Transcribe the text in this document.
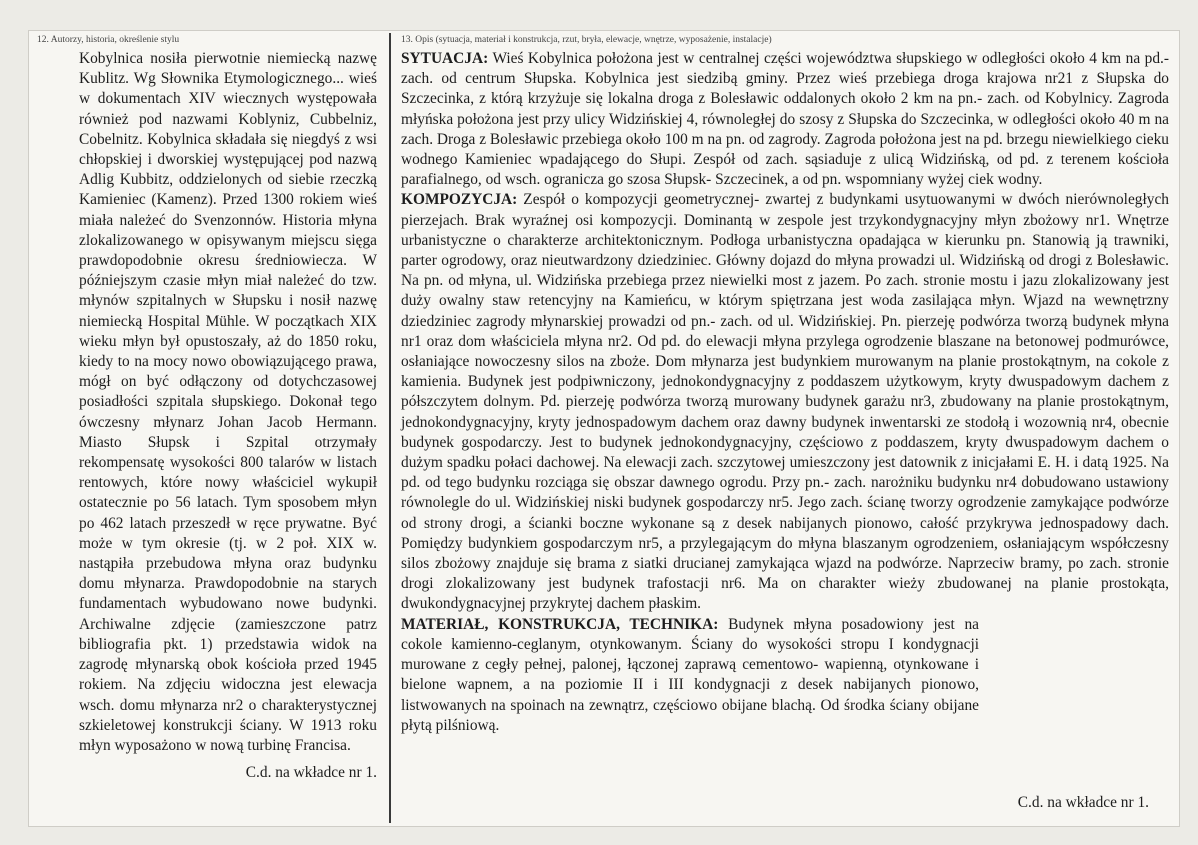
12. Autorzy, historia, określenie stylu

Kobylnica nosiła pierwotnie niemiecką nazwę Kublitz. Wg Słownika Etymologicznego... wieś w dokumentach XIV wiecznych występowała również pod nazwami Koblyniz, Cubbelniz, Cobelnitz. Kobylnica składała się niegdyś z wsi chłopskiej i dworskiej występującej pod nazwą Adlig Kubbitz, oddzielonych od siebie rzeczką Kamieniec (Kamenz). Przed 1300 rokiem wieś miała należeć do Svenzonnów. Historia młyna zlokalizowanego w opisywanym miejscu sięga prawdopodobnie okresu średniowiecza. W późniejszym czasie młyn miał należeć do tzw. młynów szpitalnych w Słupsku i nosił nazwę niemiecką Hospital Mühle. W początkach XIX wieku młyn był opustoszały, aż do 1850 roku, kiedy to na mocy nowo obowiązującego prawa, mógł on być odłączony od dotychczasowej posiadłości szpitala słupskiego. Dokonał tego ówczesny młynarz Johan Jacob Hermann. Miasto Słupsk i Szpital otrzymały rekompensatę wysokości 800 talarów w listach rentowych, które nowy właściciel wykupił ostatecznie po 56 latach. Tym sposobem młyn po 462 latach przeszedł w ręce prywatne. Być może w tym okresie (tj. w 2 poł. XIX w. nastąpiła przebudowa młyna oraz budynku domu młynarza. Prawdopodobnie na starych fundamentach wybudowano nowe budynki. Archiwalne zdjęcie (zamieszczone patrz bibliografia pkt. 1) przedstawia widok na zagrodę młynarską obok kościoła przed 1945 rokiem. Na zdjęciu widoczna jest elewacja wsch. domu młynarza nr2 o charakterystycznej szkieletowej konstrukcji ściany. W 1913 roku młyn wyposażono w nową turbinę Francisa.

C.d. na wkładce nr 1.
13. Opis (sytuacja, materiał i konstrukcja, rzut, bryła, elewacje, wnętrze, wyposażenie, instalacje)

SYTUACJA: Wieś Kobylnica położona jest w centralnej części województwa słupskiego w odległości około 4 km na pd.- zach. od centrum Słupska. Kobylnica jest siedzibą gminy. Przez wieś przebiega droga krajowa nr21 z Słupska do Szczecinka, z którą krzyżuje się lokalna droga z Bolesławic oddalonych około 2 km na pn.- zach. od Kobylnicy. Zagroda młyńska położona jest przy ulicy Widzińskiej 4, równoległej do szosy z Słupska do Szczecinka, w odległości około 40 m na zach. Droga z Bolesławic przebiega około 100 m na pn. od zagrody. Zagroda położona jest na pd. brzegu niewielkiego cieku wodnego Kamieniec wpadającego do Słupi. Zespół od zach. sąsiaduje z ulicą Widzińską, od pd. z terenem kościoła parafialnego, od wsch. ogranicza go szosa Słupsk- Szczecinek, a od pn. wspomniany wyżej ciek wodny.

KOMPOZYCJA: Zespół o kompozycji geometrycznej- zwartej z budynkami usytuowanymi w dwóch nierównoległych pierzejach. Brak wyraźnej osi kompozycji. Dominantą w zespole jest trzykondygnacyjny młyn zbożowy nr1. Wnętrze urbanistyczne o charakterze architektonicznym. Podłoga urbanistyczna opadająca w kierunku pn. Stanowią ją trawniki, parter ogrodowy, oraz nieutwardzony dziedziniec. Główny dojazd do młyna prowadzi ul. Widzińską od drogi z Bolesławic. Na pn. od młyna, ul. Widzińska przebiega przez niewielki most z jazem. Po zach. stronie mostu i jazu zlokalizowany jest duży owalny staw retencyjny na Kamieńcu, w którym spiętrzana jest woda zasilająca młyn. Wjazd na wewnętrzny dziedziniec zagrody młynarskiej prowadzi od pn.- zach. od ul. Widzińskiej. Pn. pierzeję podwórza tworzą budynek młyna nr1 oraz dom właściciela młyna nr2. Od pd. do elewacji młyna przylega ogrodzenie blaszane na betonowej podmurówce, osłaniające nowoczesny silos na zboże. Dom młynarza jest budynkiem murowanym na planie prostokątnym, na cokole z kamienia. Budynek jest podpiwniczony, jednokondygnacyjny z poddaszem użytkowym, kryty dwuspadowym dachem z półszczytem dolnym. Pd. pierzeję podwórza tworzą murowany budynek garażu nr3, zbudowany na planie prostokątnym, jednokondygnacyjny, kryty jednospadowym dachem oraz dawny budynek inwentarski ze stodołą i wozownią nr4, obecnie budynek gospodarczy. Jest to budynek jednokondygnacyjny, częściowo z poddaszem, kryty dwuspadowym dachem o dużym spadku połaci dachowej. Na elewacji zach. szczytowej umieszczony jest datownik z inicjałami E. H. i datą 1925. Na pd. od tego budynku rozciąga się obszar dawnego ogrodu. Przy pn.- zach. narożniku budynku nr4 dobudowano ustawiony równolegle do ul. Widzińskiej niski budynek gospodarczy nr5. Jego zach. ścianę tworzy ogrodzenie zamykające podwórze od strony drogi, a ścianki boczne wykonane są z desek nabijanych pionowo, całość przykrywa jednospadowy dach. Pomiędzy budynkiem gospodarczym nr5, a przylegającym do młyna blaszanym ogrodzeniem, osłaniającym współczesny silos zbożowy znajduje się brama z siatki drucianej zamykająca wjazd na podwórze. Naprzeciw bramy, po zach. stronie drogi zlokalizowany jest budynek trafostacji nr6. Ma on charakter wieży zbudowanej na planie prostokąta, dwukondygnacyjnej przykrytej dachem płaskim.

MATERIAŁ, KONSTRUKCJA, TECHNIKA: Budynek młyna posadowiony jest na cokole kamienno-ceglanym, otynkowanym. Ściany do wysokości stropu I kondygnacji murowane z cegły pełnej, palonej, łączonej zaprawą cementowo- wapienną, otynkowane i bielone wapnem, a na poziomie II i III kondygnacji z desek nabijanych pionowo, listwowanych na spoinach na zewnątrz, częściowo obijane blachą. Od środka ściany obijane płytą pilśniową.

C.d. na wkładce nr 1.
